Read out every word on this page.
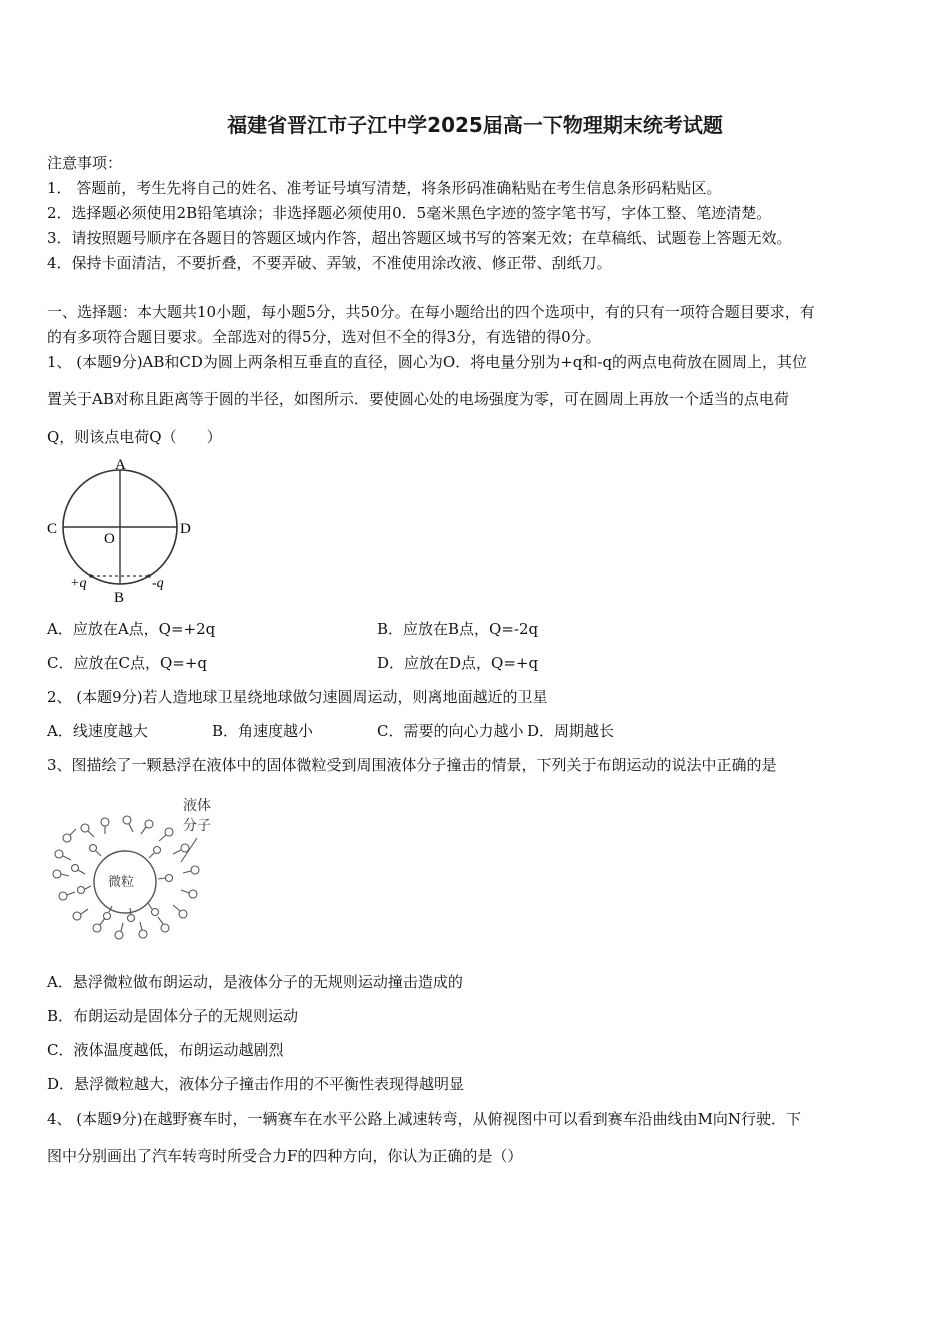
福建省晋江市子江中学2025届高一下物理期末统考试题
注意事项：
1． 答题前，考生先将自己的姓名、准考证号填写清楚，将条形码准确粘贴在考生信息条形码粘贴区。
2．选择题必须使用2B铅笔填涂；非选择题必须使用0．5毫米黑色字迹的签字笔书写，字体工整、笔迹清楚。
3．请按照题号顺序在各题目的答题区域内作答，超出答题区域书写的答案无效；在草稿纸、试题卷上答题无效。
4．保持卡面清洁，不要折叠，不要弄破、弄皱，不准使用涂改液、修正带、刮纸刀。
一、选择题：本大题共10小题，每小题5分，共50分。在每小题给出的四个选项中，有的只有一项符合题目要求，有
的有多项符合题目要求。全部选对的得5分，选对但不全的得3分，有选错的得0分。
1、 (本题9分)AB和CD为圆上两条相互垂直的直径，圆心为O．将电量分别为+q和-q的两点电荷放在圆周上，其位
置关于AB对称且距离等于圆的半径，如图所示．要使圆心处的电场强度为零，可在圆周上再放一个适当的点电荷
Q，则该点电荷Q（　　）
A
B
C	D
O
+q	-q
A．应放在A点，Q=+2q	B．应放在B点，Q=-2q
C．应放在C点，Q=+q	D．应放在D点，Q=+q
2、 (本题9分)若人造地球卫星绕地球做匀速圆周运动，则离地面越近的卫星
A．线速度越大	B．角速度越小	C．需要的向心力越小 D．周期越长
3、图描绘了一颗悬浮在液体中的固体微粒受到周围液体分子撞击的情景，下列关于布朗运动的说法中正确的是
液体
分子
微粒
A．悬浮微粒做布朗运动，是液体分子的无规则运动撞击造成的
B．布朗运动是固体分子的无规则运动
C．液体温度越低，布朗运动越剧烈
D．悬浮微粒越大，液体分子撞击作用的不平衡性表现得越明显
4、 (本题9分)在越野赛车时，一辆赛车在水平公路上减速转弯，从俯视图中可以看到赛车沿曲线由M向N行驶．下
图中分别画出了汽车转弯时所受合力F的四种方向，你认为正确的是（）
